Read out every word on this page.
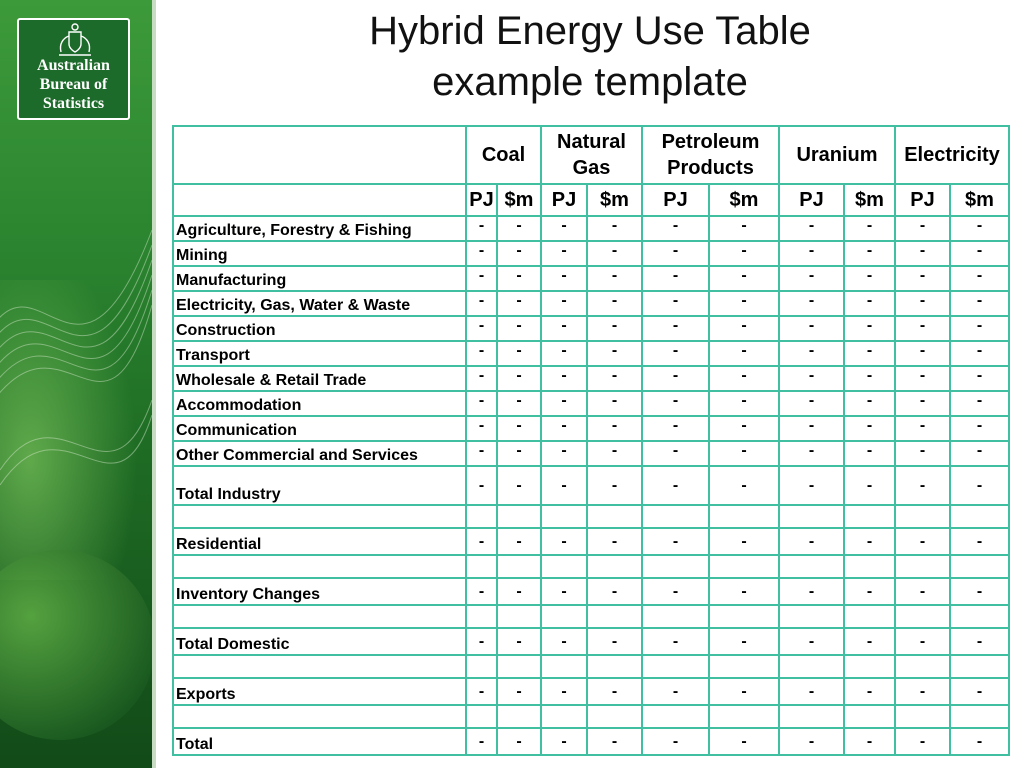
Australian
Bureau of
Statistics
Hybrid Energy Use Table
example template
	Coal		Natural Gas		Petroleum Products		Uranium		Electricity	
	PJ	$m	PJ	$m	PJ	$m	PJ	$m	PJ	$m
Agriculture, Forestry & Fishing	-	-	-	-	-	-	-	-	-	-
Mining	-	-	-	-	-	-	-	-	-	-
Manufacturing	-	-	-	-	-	-	-	-	-	-
Electricity, Gas, Water & Waste	-	-	-	-	-	-	-	-	-	-
Construction	-	-	-	-	-	-	-	-	-	-
Transport	-	-	-	-	-	-	-	-	-	-
Wholesale & Retail Trade	-	-	-	-	-	-	-	-	-	-
Accommodation	-	-	-	-	-	-	-	-	-	-
Communication	-	-	-	-	-	-	-	-	-	-
Other Commercial and Services	-	-	-	-	-	-	-	-	-	-
Total Industry	-	-	-	-	-	-	-	-	-	-

Residential	-	-	-	-	-	-	-	-	-	-

Inventory Changes	-	-	-	-	-	-	-	-	-	-

Total Domestic	-	-	-	-	-	-	-	-	-	-

Exports	-	-	-	-	-	-	-	-	-	-

Total	-	-	-	-	-	-	-	-	-	-
